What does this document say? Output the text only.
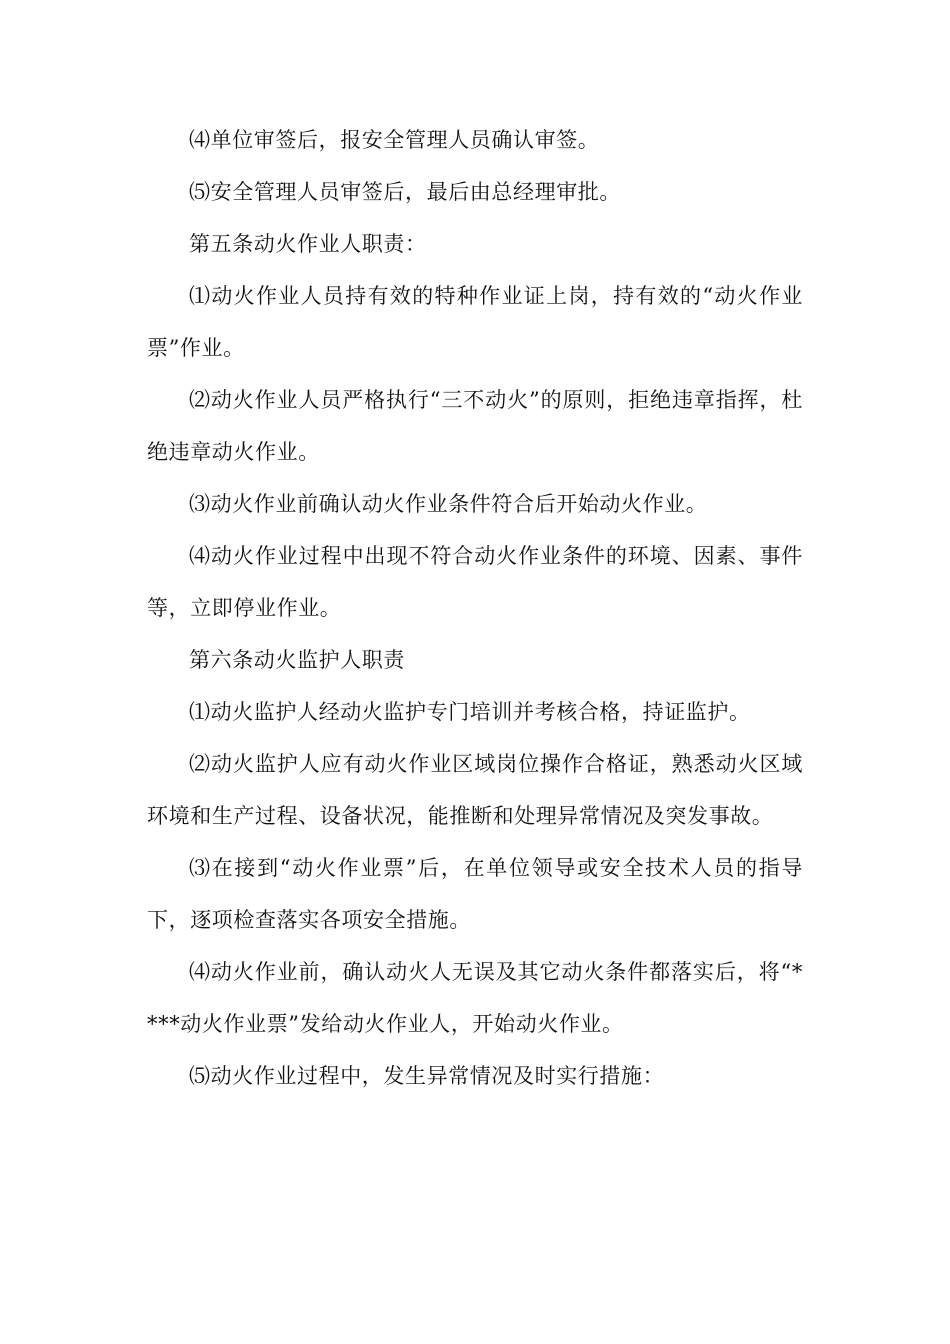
⑷单位审签后，报安全管理人员确认审签。

⑸安全管理人员审签后，最后由总经理审批。

第五条动火作业人职责：

⑴动火作业人员持有效的特种作业证上岗，持有效的“动火作业票”作业。

⑵动火作业人员严格执行“三不动火”的原则，拒绝违章指挥，杜绝违章动火作业。

⑶动火作业前确认动火作业条件符合后开始动火作业。

⑷动火作业过程中出现不符合动火作业条件的环境、因素、事件等，立即停业作业。

第六条动火监护人职责

⑴动火监护人经动火监护专门培训并考核合格，持证监护。

⑵动火监护人应有动火作业区域岗位操作合格证，熟悉动火区域环境和生产过程、设备状况，能推断和处理异常情况及突发事故。

⑶在接到“动火作业票”后，在单位领导或安全技术人员的指导下，逐项检查落实各项安全措施。

⑷动火作业前，确认动火人无误及其它动火条件都落实后，将“****动火作业票”发给动火作业人，开始动火作业。

⑸动火作业过程中，发生异常情况及时实行措施：
